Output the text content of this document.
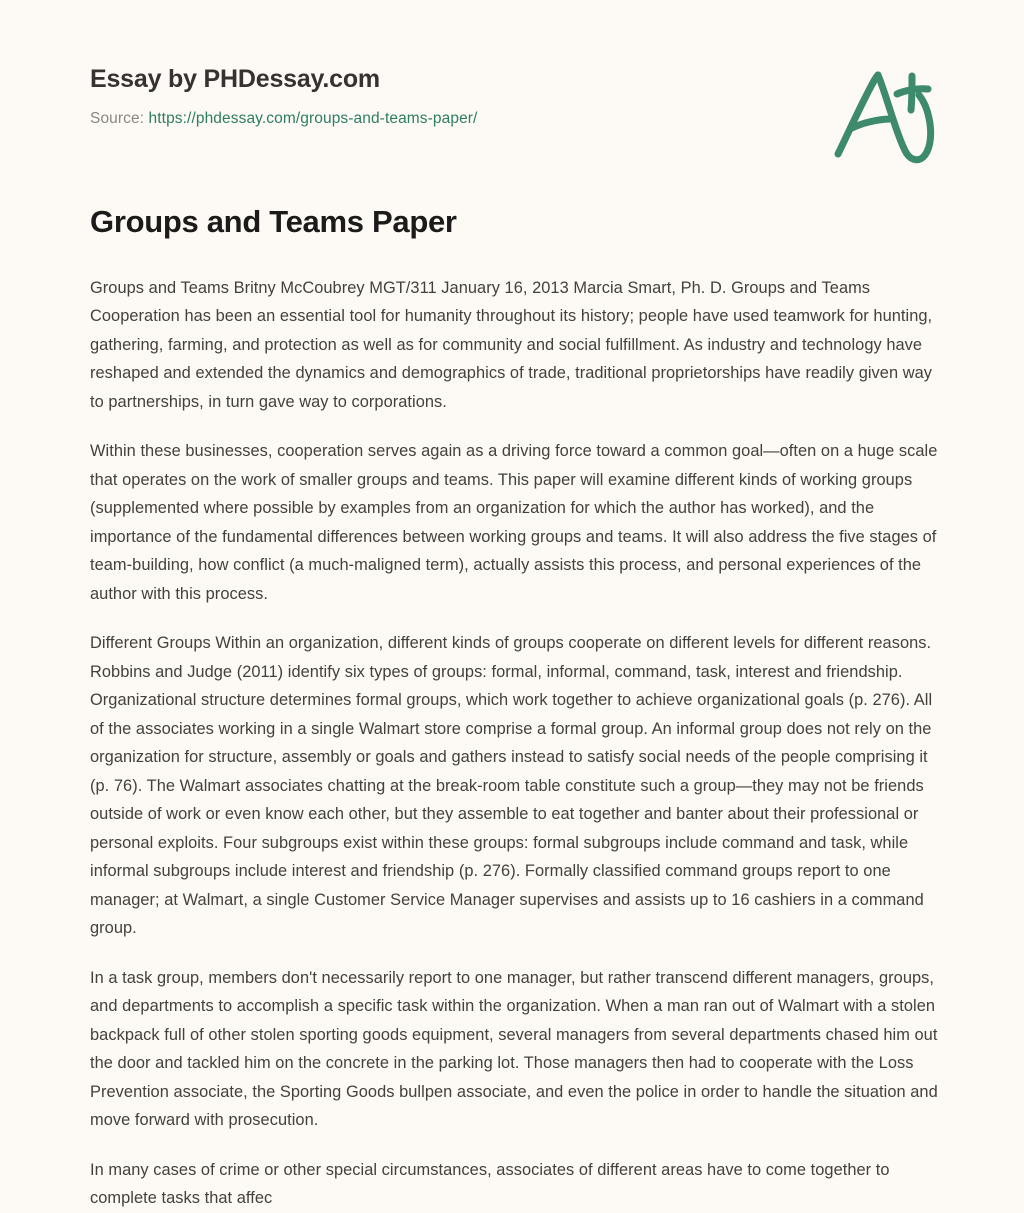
Essay by PHDessay.com
Source: https://phdessay.com/groups-and-teams-paper/
Groups and Teams Paper

Groups and Teams Britny McCoubrey MGT/311 January 16, 2013 Marcia Smart, Ph. D. Groups and Teams Cooperation has been an essential tool for humanity throughout its history; people have used teamwork for hunting, gathering, farming, and protection as well as for community and social fulfillment. As industry and technology have reshaped and extended the dynamics and demographics of trade, traditional proprietorships have readily given way to partnerships, in turn gave way to corporations.

Within these businesses, cooperation serves again as a driving force toward a common goal—often on a huge scale that operates on the work of smaller groups and teams. This paper will examine different kinds of working groups (supplemented where possible by examples from an organization for which the author has worked), and the importance of the fundamental differences between working groups and teams. It will also address the five stages of team-building, how conflict (a much-maligned term), actually assists this process, and personal experiences of the author with this process.

Different Groups Within an organization, different kinds of groups cooperate on different levels for different reasons. Robbins and Judge (2011) identify six types of groups: formal, informal, command, task, interest and friendship. Organizational structure determines formal groups, which work together to achieve organizational goals (p. 276). All of the associates working in a single Walmart store comprise a formal group. An informal group does not rely on the organization for structure, assembly or goals and gathers instead to satisfy social needs of the people comprising it (p. 76). The Walmart associates chatting at the break-room table constitute such a group—they may not be friends outside of work or even know each other, but they assemble to eat together and banter about their professional or personal exploits. Four subgroups exist within these groups: formal subgroups include command and task, while informal subgroups include interest and friendship (p. 276). Formally classified command groups report to one manager; at Walmart, a single Customer Service Manager supervises and assists up to 16 cashiers in a command group.

In a task group, members don't necessarily report to one manager, but rather transcend different managers, groups, and departments to accomplish a specific task within the organization. When a man ran out of Walmart with a stolen backpack full of other stolen sporting goods equipment, several managers from several departments chased him out the door and tackled him on the concrete in the parking lot. Those managers then had to cooperate with the Loss Prevention associate, the Sporting Goods bullpen associate, and even the police in order to handle the situation and move forward with prosecution.

In many cases of crime or other special circumstances, associates of different areas have to come together to complete tasks that affec
